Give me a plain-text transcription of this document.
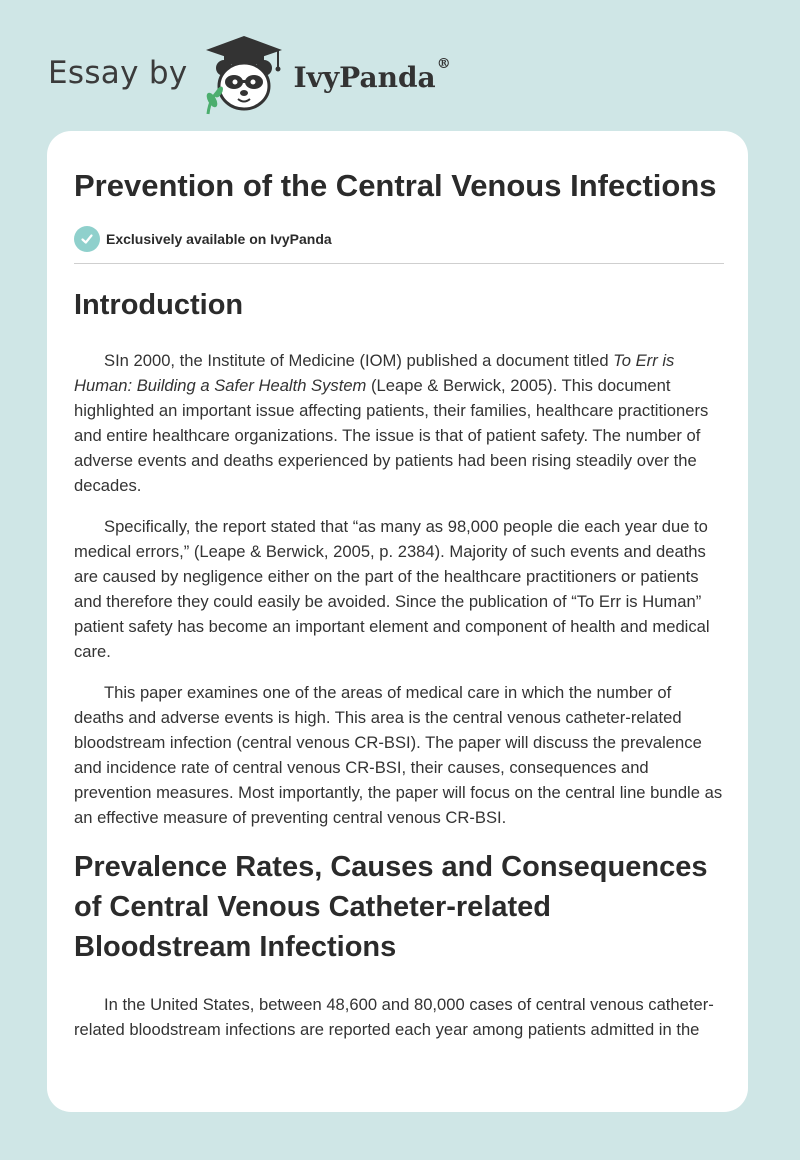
Essay by	IvyPanda®
Prevention of the Central Venous Infections
Exclusively available on IvyPanda
Introduction

SIn 2000, the Institute of Medicine (IOM) published a document titled To Err is Human: Building a Safer Health System (Leape & Berwick, 2005). This document highlighted an important issue affecting patients, their families, healthcare practitioners and entire healthcare organizations. The issue is that of patient safety. The number of adverse events and deaths experienced by patients had been rising steadily over the decades.

Specifically, the report stated that “as many as 98,000 people die each year due to medical errors,” (Leape & Berwick, 2005, p. 2384). Majority of such events and deaths are caused by negligence either on the part of the healthcare practitioners or patients and therefore they could easily be avoided. Since the publication of “To Err is Human” patient safety has become an important element and component of health and medical care.

This paper examines one of the areas of medical care in which the number of deaths and adverse events is high. This area is the central venous catheter-related bloodstream infection (central venous CR-BSI). The paper will discuss the prevalence and incidence rate of central venous CR-BSI, their causes, consequences and prevention measures. Most importantly, the paper will focus on the central line bundle as an effective measure of preventing central venous CR-BSI.

Prevalence Rates, Causes and Consequences of Central Venous Catheter-related Bloodstream Infections

In the United States, between 48,600 and 80,000 cases of central venous catheter-related bloodstream infections are reported each year among patients admitted in the
